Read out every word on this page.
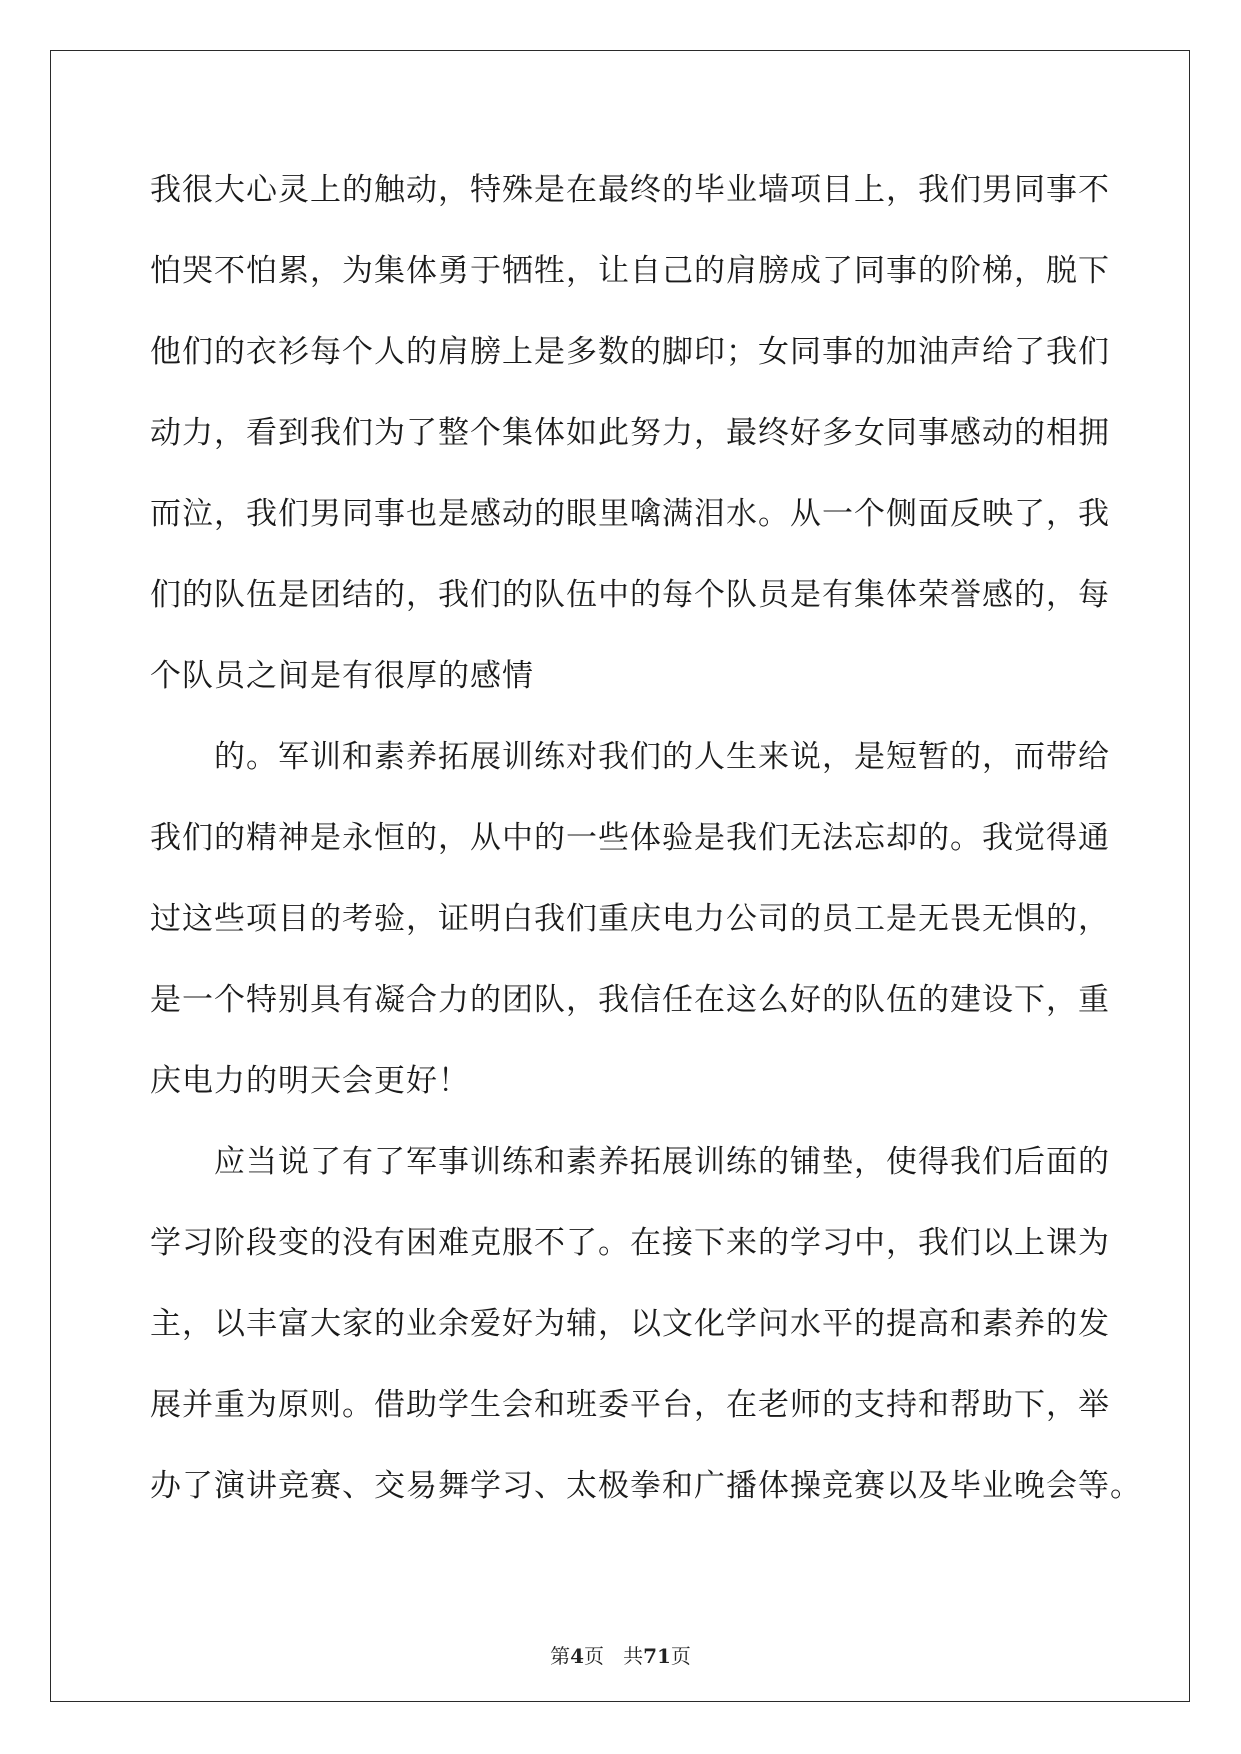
我很大心灵上的触动，特殊是在最终的毕业墙项目上，我们男同事不
怕哭不怕累，为集体勇于牺牲，让自己的肩膀成了同事的阶梯，脱下
他们的衣衫每个人的肩膀上是多数的脚印；女同事的加油声给了我们
动力，看到我们为了整个集体如此努力，最终好多女同事感动的相拥
而泣，我们男同事也是感动的眼里噙满泪水。从一个侧面反映了，我
们的队伍是团结的，我们的队伍中的每个队员是有集体荣誉感的，每
个队员之间是有很厚的感情
的。军训和素养拓展训练对我们的人生来说，是短暂的，而带给
我们的精神是永恒的，从中的一些体验是我们无法忘却的。我觉得通
过这些项目的考验，证明白我们重庆电力公司的员工是无畏无惧的，
是一个特别具有凝合力的团队，我信任在这么好的队伍的建设下，重
庆电力的明天会更好！
应当说了有了军事训练和素养拓展训练的铺垫，使得我们后面的
学习阶段变的没有困难克服不了。在接下来的学习中，我们以上课为
主，以丰富大家的业余爱好为辅，以文化学问水平的提高和素养的发
展并重为原则。借助学生会和班委平台，在老师的支持和帮助下，举
办了演讲竞赛、交易舞学习、太极拳和广播体操竞赛以及毕业晚会等。
第4页 共71页
